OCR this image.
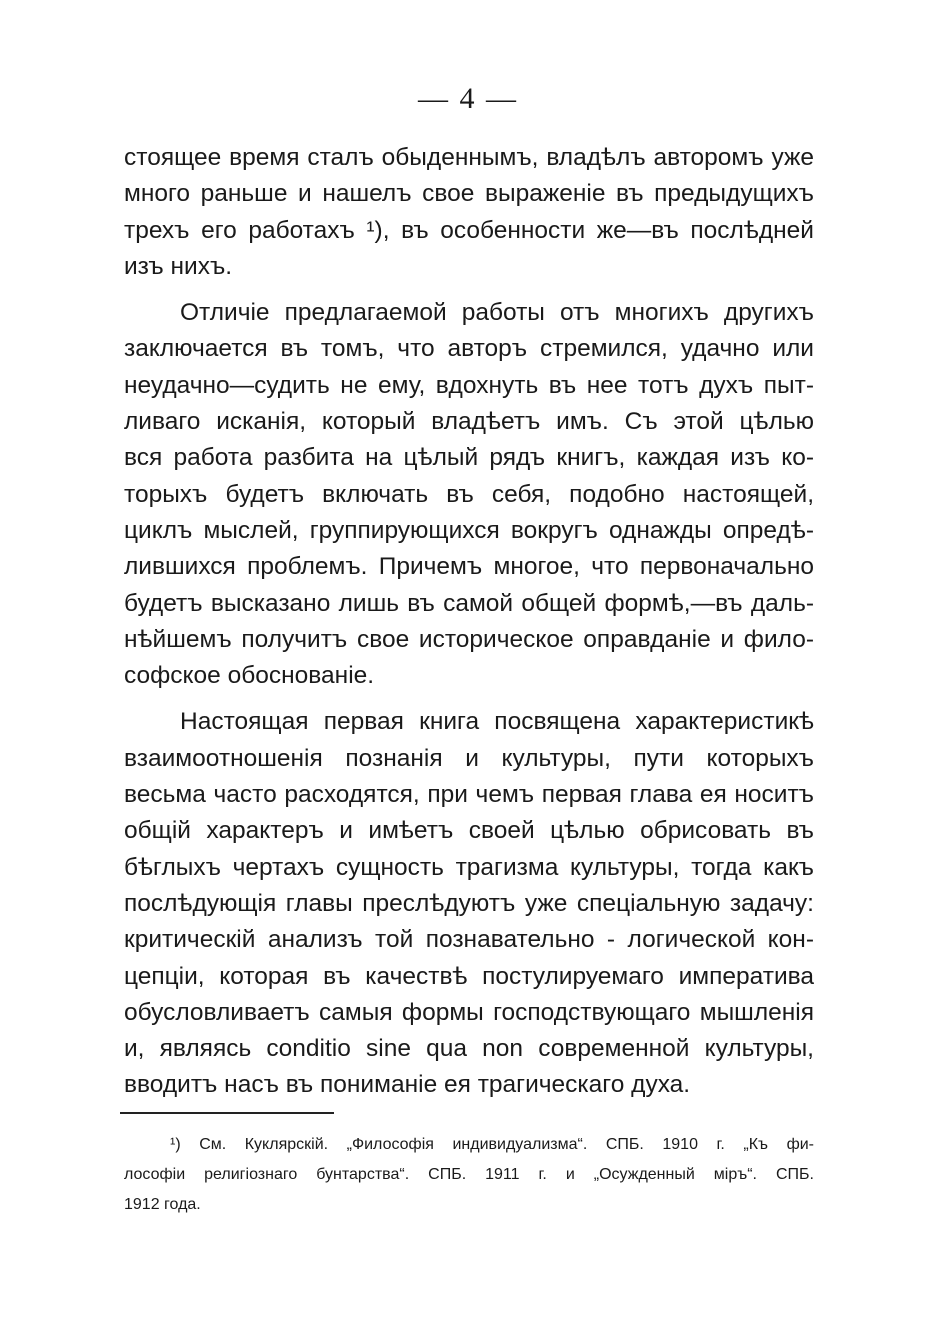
— 4 —
стоящее время сталъ обыденнымъ, владѣлъ авторомъ уже
много раньше и нашелъ свое выраженіе въ предыдущихъ
трехъ его работахъ ¹), въ особенности же—въ послѣдней
изъ нихъ.
Отличіе предлагаемой работы отъ многихъ другихъ
заключается въ томъ, что авторъ стремился, удачно или
неудачно—судить не ему, вдохнуть въ нее тотъ духъ пыт-
ливаго исканія, который владѣетъ имъ. Съ этой цѣлью
вся работа разбита на цѣлый рядъ книгъ, каждая изъ ко-
торыхъ будетъ включать въ себя, подобно настоящей,
циклъ мыслей, группирующихся вокругъ однажды опредѣ-
лившихся проблемъ. Причемъ многое, что первоначально
будетъ высказано лишь въ самой общей формѣ,—въ даль-
нѣйшемъ получитъ свое историческое оправданіе и фило-
софское обоснованіе.
Настоящая первая книга посвящена характеристикѣ
взаимоотношенія познанія и культуры, пути которыхъ
весьма часто расходятся, при чемъ первая глава ея носитъ
общій характеръ и имѣетъ своей цѣлью обрисовать въ
бѣглыхъ чертахъ сущность трагизма культуры, тогда какъ
послѣдующія главы преслѣдуютъ уже спеціальную задачу:
критическій анализъ той познавательно - логической кон-
цепціи, которая въ качествѣ постулируемаго императива
обусловливаетъ самыя формы господствующаго мышленія
и, являясь conditio sine qua non современной культуры,
вводитъ насъ въ пониманіе ея трагическаго духа.
¹) См. Куклярскій. „Философія индивидуализма“. СПБ. 1910 г. „Къ фи-
лософіи религіознаго бунтарства“. СПБ. 1911 г. и „Осужденный міръ“. СПБ.
1912 года.
